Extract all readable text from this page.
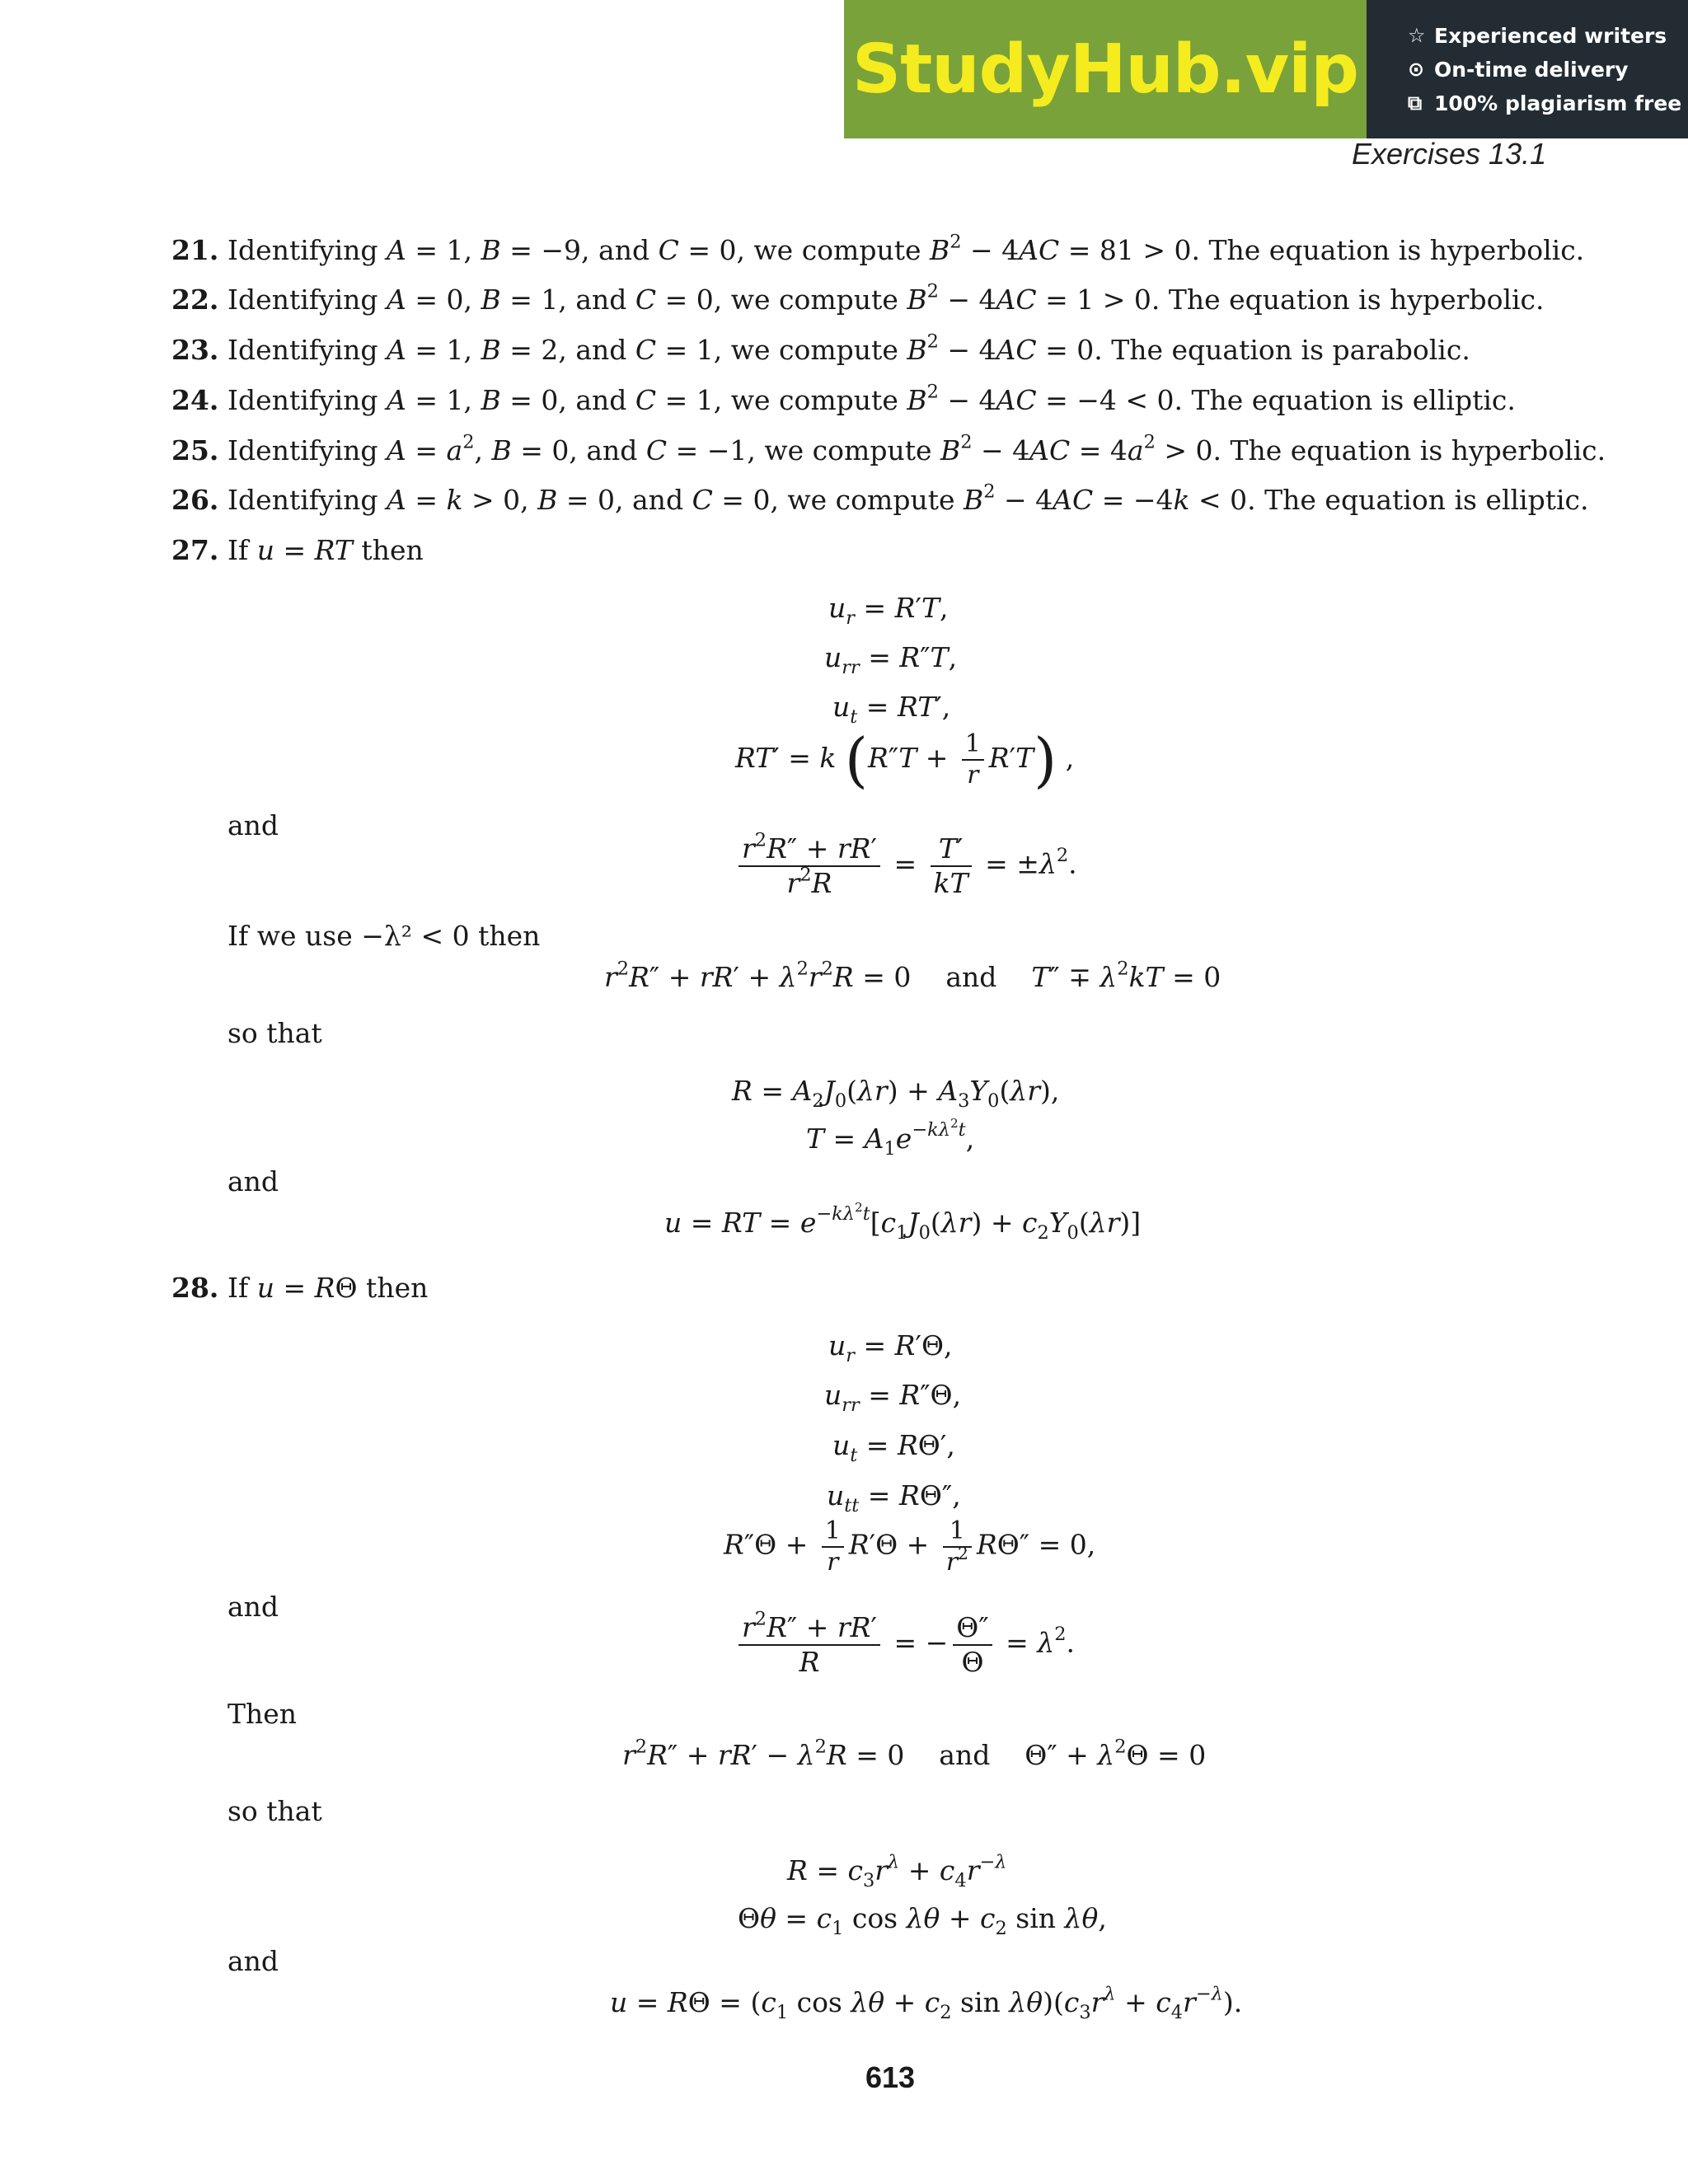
StudyHub.vip	☆ Experienced writers
⊙ On-time delivery
⧉ 100% plagiarism free
Exercises 13.1
21. Identifying A = 1, B = −9, and C = 0, we compute $B^2 - 4AC = 81 > 0$. The equation is hyperbolic.
22. Identifying A = 0, B = 1, and C = 0, we compute $B^2 - 4AC = 1 > 0$. The equation is hyperbolic.
23. Identifying A = 1, B = 2, and C = 1, we compute $B^2 - 4AC = 0$. The equation is parabolic.
24. Identifying A = 1, B = 0, and C = 1, we compute $B^2 - 4AC = -4 < 0$. The equation is elliptic.
25. Identifying $A = a^2$, B = 0, and C = −1, we compute $B^2 - 4AC = 4a^2 > 0$. The equation is hyperbolic.
26. Identifying A = k > 0, B = 0, and C = 0, we compute $B^2 - 4AC = -4k < 0$. The equation is elliptic.
27. If u = RT then
$u_r = R'T$,
$u_{rr} = R''T$,
$u_t = RT'$,
RT′ = k $(R''T + \frac{1}{r} R'T)$ ,
and
$\frac{r^2R'' + rR'}{r^2R} = \frac{T'}{kT} = \pm\lambda^2$.
If we use −λ² < 0 then
$r^2R'' + rR' + \lambda^2r^2R = 0$    and    $T'' \mp \lambda^2kT = 0$
so that
$R = A_2J_0(\lambda r) + A_3Y_0(\lambda r)$,
$T = A_1e^{-k\lambda^2t}$,
and
u = RT = $e^{-k\lambda^2t}[c_1J_0(\lambda r) + c_2Y_0(\lambda r)]$
28. If u = RΘ then
$u_r = R'\Theta$,
$u_{rr} = R''\Theta$,
$u_t = R\Theta'$,
$u_{tt} = R\Theta''$,
$R''\Theta + \frac{1}{r} R'\Theta + \frac{1}{r^2} R\Theta'' = 0$,
and
$\frac{r^2R'' + rR'}{R}$ = − $\frac{\Theta''}{\Theta} = \lambda^2$.
Then
$r^2R'' + rR' - \lambda^2R = 0$    and    $\Theta'' + \lambda^2\Theta = 0$
so that
$R = c_3r^\lambda + c_4r^{-\lambda}$
$\Theta\theta = c_1$ $\cos \lambda\theta + c_2$ sin λθ,
and
$u = R\Theta = (c_1$ $\cos \lambda\theta + c_2$ $\sin \lambda\theta)(c_3r^\lambda + c_4r^{-\lambda})$.
613
